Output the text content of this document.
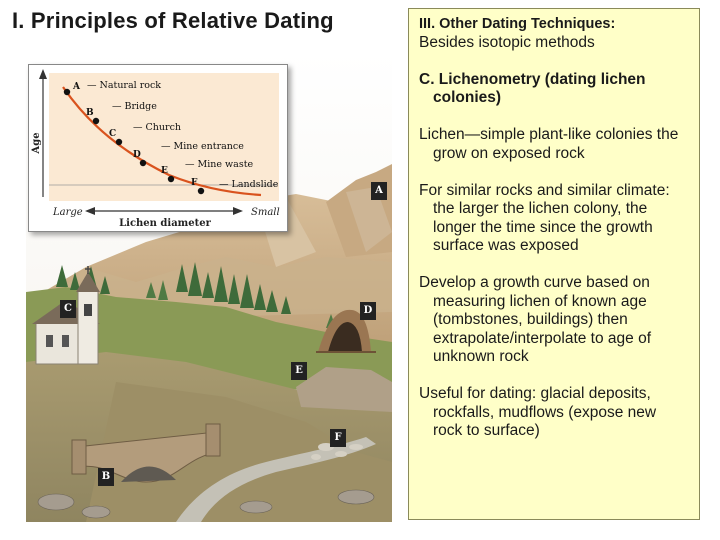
I. Principles of Relative Dating
A
C	D
E
F
B
Age
Large	Small
Lichen diameter
A — Natural rock
B
— Bridge
C
— Church
D
— Mine entrance
E
— Mine waste
F — Landslide
III. Other Dating Techniques:

Besides isotopic methods

C. Lichenometry (dating lichen colonies)

Lichen—simple plant-like colonies the grow on exposed rock

For similar rocks and similar climate: the larger the lichen colony, the longer the time since the growth surface was exposed

Develop a growth curve based on measuring lichen of known age (tombstones, buildings) then extrapolate/interpolate to age of unknown rock

Useful for dating: glacial deposits, rockfalls, mudflows (expose new rock to surface)
